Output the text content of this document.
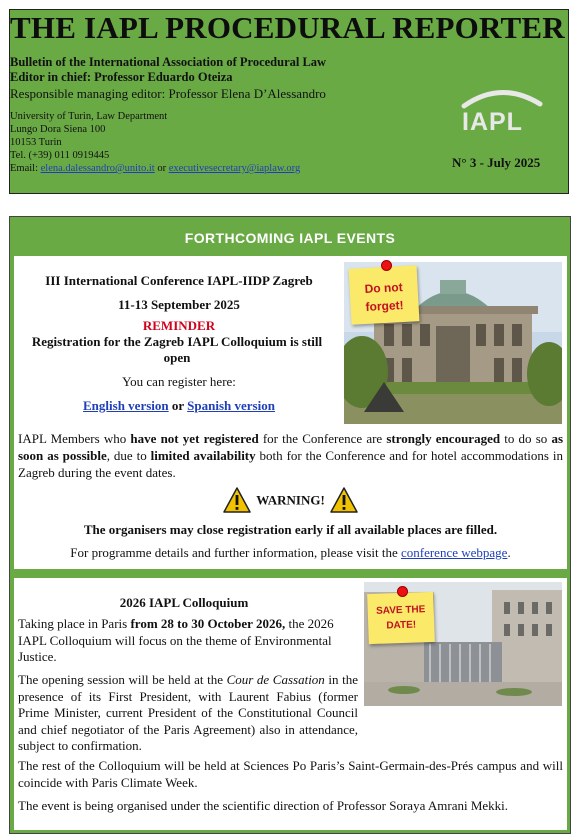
THE IAPL PROCEDURAL REPORTER
Bulletin of the International Association of Procedural Law
Editor in chief: Professor Eduardo Oteiza
Responsible managing editor: Professor Elena D’Alessandro
University of Turin, Law Department
Lungo Dora Siena 100
10153 Turin
Tel. (+39) 011 0919445
Email: elena.dalessandro@unito.it or executivesecretary@iaplaw.org
IAPL
N° 3 - July 2025
FORTHCOMING IAPL EVENTS
III International Conference IAPL-IIDP Zagreb
11-13 September 2025
REMINDER
Registration for the Zagreb IAPL Colloquium is still
open
You can register here:
English version or Spanish version
Do not
forget!
IAPL Members who have not yet registered for the Conference are strongly encouraged to do so as soon as possible, due to limited availability both for the Conference and for hotel accommodations in Zagreb during the event dates.
WARNING!
The organisers may close registration early if all available places are filled.
For programme details and further information, please visit the conference webpage.
2026 IAPL Colloquium
Taking place in Paris from 28 to 30 October 2026, the 2026 IAPL Colloquium will focus on the theme of Environmental Justice.
The opening session will be held at the Cour de Cassation in the presence of its First President, with Laurent Fabius (former Prime Minister, current President of the Constitutional Council and chief negotiator of the Paris Agreement) also in attendance, subject to confirmation.
The rest of the Colloquium will be held at Sciences Po Paris’s Saint-Germain-des-Prés campus and will coincide with Paris Climate Week.
The event is being organised under the scientific direction of Professor Soraya Amrani Mekki.
SAVE THE
DATE!
